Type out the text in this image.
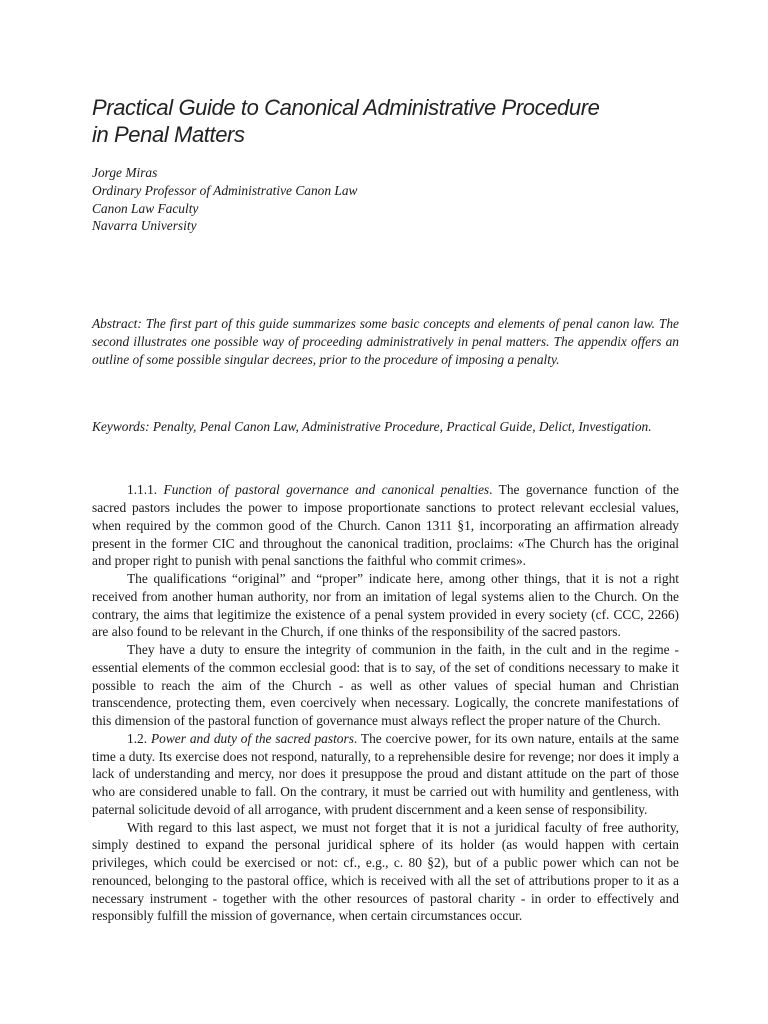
Practical Guide to Canonical Administrative Procedure
in Penal Matters
Jorge Miras
Ordinary Professor of Administrative Canon Law
Canon Law Faculty
Navarra University
Abstract: The first part of this guide summarizes some basic concepts and elements of penal canon law. The second illustrates one possible way of proceeding administratively in penal matters. The appendix offers an outline of some possible singular decrees, prior to the procedure of imposing a penalty.
Keywords: Penalty, Penal Canon Law, Administrative Procedure, Practical Guide, Delict, Investigation.

1.1.1. Function of pastoral governance and canonical penalties. The governance function of the sacred pastors includes the power to impose proportionate sanctions to protect relevant ecclesial values, when required by the common good of the Church. Canon 1311 §1, incorporating an affirmation already present in the former CIC and throughout the canonical tradition, proclaims: «The Church has the original and proper right to punish with penal sanctions the faithful who commit crimes».

The qualifications “original” and “proper” indicate here, among other things, that it is not a right received from another human authority, nor from an imitation of legal systems alien to the Church. On the contrary, the aims that legitimize the existence of a penal system provided in every society (cf. CCC, 2266) are also found to be relevant in the Church, if one thinks of the responsibility of the sacred pastors.

They have a duty to ensure the integrity of communion in the faith, in the cult and in the regime - essential elements of the common ecclesial good: that is to say, of the set of conditions necessary to make it possible to reach the aim of the Church - as well as other values of special human and Christian transcendence, protecting them, even coercively when necessary. Logically, the concrete manifestations of this dimension of the pastoral function of governance must always reflect the proper nature of the Church.

1.2. Power and duty of the sacred pastors. The coercive power, for its own nature, entails at the same time a duty. Its exercise does not respond, naturally, to a reprehensible desire for revenge; nor does it imply a lack of understanding and mercy, nor does it presuppose the proud and distant attitude on the part of those who are considered unable to fall. On the contrary, it must be carried out with humility and gentleness, with paternal solicitude devoid of all arrogance, with prudent discernment and a keen sense of responsibility.

With regard to this last aspect, we must not forget that it is not a juridical faculty of free authority, simply destined to expand the personal juridical sphere of its holder (as would happen with certain privileges, which could be exercised or not: cf., e.g., c. 80 §2), but of a public power which can not be renounced, belonging to the pastoral office, which is received with all the set of attributions proper to it as a necessary instrument - together with the other resources of pastoral charity - in order to effectively and responsibly fulfill the mission of governance, when certain circumstances occur.
